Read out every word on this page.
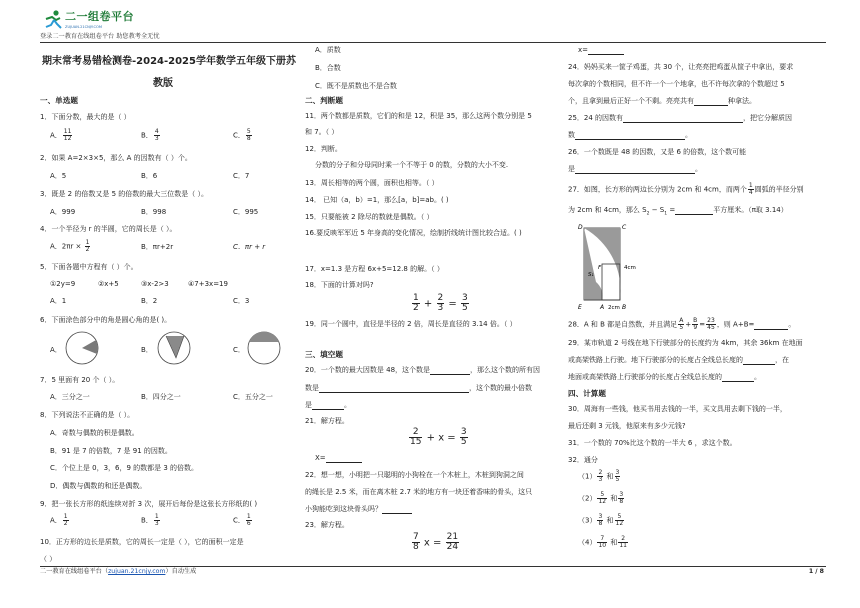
二一组卷平台
ZUJUAN.21CNJY.COM
登录二一教育在线组卷平台 助您教考全无忧
期末常考易错检测卷-2024-2025学年数学五年级下册苏
教版
一、单选题
1．下面分数，最大的是（ ）
A． $\frac{11}{12}$	B． $\frac{4}{3}$	C． $\frac{5}{8}$
2．如果 A=2×3×5，那么 A 的因数有（ ）个。
A．5	B．6	C．7
3．既是 2 的倍数又是 5 的倍数的最大三位数是（ ）。
A．999	B．998	C．995
4．一个半径为 r 的半圆，它的周长是（ ）。
A．$2\pi r \times \frac{1}{2}$	B．πr+2r	C．πr + r
5．下面各题中方程有（ ）个。
①2y=9	②x+5	③x-2>3	④7+3x=19
A．1	B．2	C．3
6．下面涂色部分中的角是圆心角的是( )。
A．	B．	C．
7．5 里面有 20 个（ ）。
A．三分之一	B．四分之一	C．五分之一
8．下列说法不正确的是（ ）。
A．奇数与偶数的积是偶数。
B．91 是 7 的倍数，7 是 91 的因数。
C．个位上是 0，3，6，9 的数都是 3 的倍数。
D．偶数与偶数的和还是偶数。
9．把一张长方形的纸连续对折 3 次，展开后每份是这张长方形纸的( )
A． $\frac{1}{2}$	B． $\frac{1}{3}$	C． $\frac{1}{6}$
10．正方形的边长是质数，它的周长一定是（ ），它的面积一定是
（ ）
A．质数
B．合数
C．既不是质数也不是合数
二、判断题
11．两个数都是质数，它们的和是 12，积是 35，那么这两个数分别是 5
和 7。（ ）
12．判断。
分数的分子和分母同时乘一个不等于 0 的数，分数的大小不变.
13．周长相等的两个圆，面积也相等。（ ）
14． 已知（a，b）=1，那么[a，b]=ab。( )
15．只要能被 2 除尽的数就是偶数。（ ）
16.要反映军军近 5 年身高的变化情况，绘制折线统计图比较合适。( )
17．x=1.3 是方程 6x+5=12.8 的解。（ ）
18．下面的计算对吗?
$\frac{1}{2} + \frac{2}{3} = \frac{3}{5}$
19．同一个圆中，直径是半径的 2 倍，周长是直径的 3.14 倍。（ ）
三、填空题
20．一个数的最大因数是 48，这个数是	，那么这个数的所有因
数是	，这个数的最小倍数
是	。
21．解方程。
$\frac{2}{15} + x = \frac{3}{5}$
X=
22．想一想，小明把一只聪明的小狗栓在一个木桩上，木桩到狗洞之间
的绳长是 2.5 米，而在离木桩 2.7 米的地方有一块还着香味的骨头，这只
小狗能吃到这块骨头吗？
23．解方程。
$\frac{7}{8}$ $x = \frac{21}{24}$
x=
24．妈妈买来一筐子鸡蛋，共 30 个，让亮亮把鸡蛋从筐子中拿出，要求
每次拿的个数相同，但不许一个一个地拿，也不许每次拿的个数超过 5
个，且拿到最后正好一个不剩。亮亮共有	种拿法。
25．24 的因数有	，把它分解质因
数	。
26．一个数既是 48 的因数，又是 6 的倍数，这个数可能
是	。
27．如图，长方形的两边长分别为 2cm 和 4cm，而两个 $\frac{1}{4}$ 圆弧的半径分别
为 2cm 和 4cm，那么 $S_2 - S_1$ =	平方厘米。（π取 3.14）
D	C
S₂
S₁
F	4cm
E	A 2cm B
28．A 和 B 都是自然数，并且满足 $\frac{A}{5} + \frac{B}{9} = \frac{23}{45}$ ，则 A+B=	。
29．某市轨道 2 号线在地下行驶部分的长度约为 4km，其余 36km 在地面
或高架铁路上行驶。地下行驶部分的长度占全线总长度的	，在
地面或高架铁路上行驶部分的长度占全线总长度的	。
四、计算题
30．周海有一些钱，他买书用去钱的一半，买文具用去剩下钱的一半，
最后还剩 3 元钱，他原来有多少元钱?
31．一个数的 70%比这个数的一半大 6 ，求这个数。
32．通分
$(1) \frac{2}{3}$ 和 $\frac{3}{5}$
$(2) \frac{5}{12}$ 和 $\frac{3}{8}$
$(3) \frac{3}{8}$ 和 $\frac{5}{12}$
$(4) \frac{7}{10}$ 和 $\frac{2}{11}$
二一教育在线组卷平台（zujuan.21cnjy.com）自动生成	1 / 8
